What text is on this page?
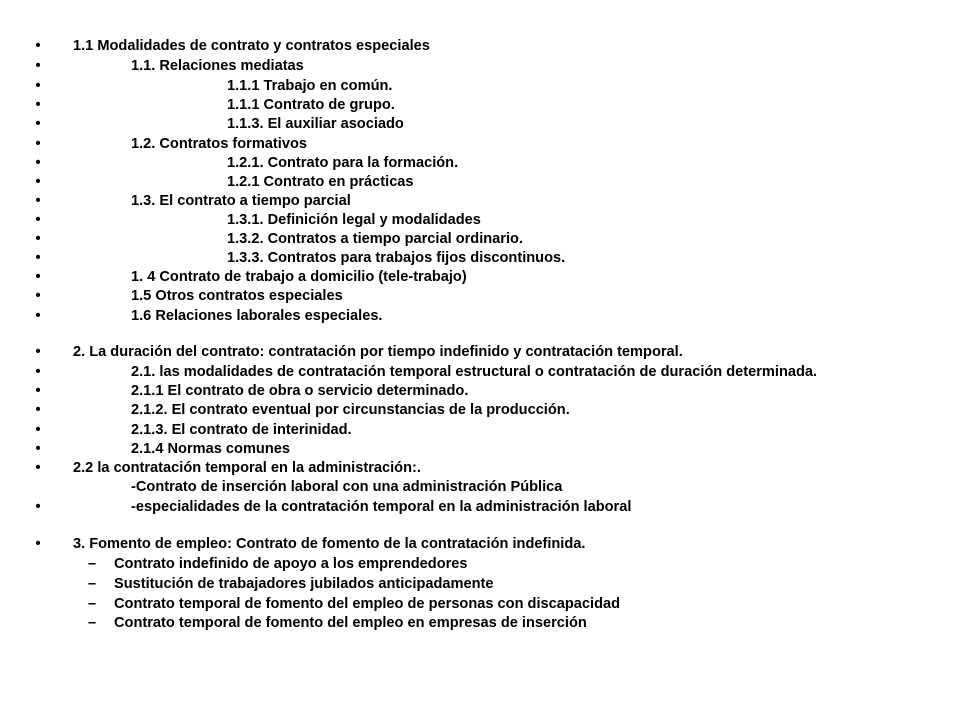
• 1.1 Modalidades de contrato y contratos especiales
•	1.1. Relaciones mediatas
•	1.1.1 Trabajo en común.
•	1.1.1 Contrato de grupo.
•	1.1.3. El auxiliar asociado
•	1.2. Contratos formativos
•	1.2.1. Contrato para la formación.
•	1.2.1 Contrato en prácticas
•	1.3. El contrato a tiempo parcial
•	1.3.1. Definición legal y modalidades
•	1.3.2. Contratos a tiempo parcial ordinario.
•	1.3.3. Contratos para trabajos fijos discontinuos.
•	1. 4 Contrato de trabajo a domicilio (tele-trabajo)
•	1.5 Otros contratos especiales
•	1.6 Relaciones laborales especiales.
• 2. La duración del contrato: contratación por tiempo indefinido y contratación temporal.
•	2.1. las modalidades de contratación temporal estructural o contratación de duración determinada.
•	2.1.1 El contrato de obra o servicio determinado.
•	2.1.2. El contrato eventual por circunstancias de la producción.
•	2.1.3. El contrato de interinidad.
•	2.1.4 Normas comunes
• 2.2 la contratación temporal en la administración:.
-Contrato de inserción laboral con una administración Pública
•	-especialidades de la contratación temporal en la administración laboral
• 3. Fomento de empleo: Contrato de fomento de la contratación indefinida.
– Contrato indefinido de apoyo a los emprendedores
– Sustitución de trabajadores jubilados anticipadamente
– Contrato temporal de fomento del empleo de personas con discapacidad
– Contrato temporal de fomento del empleo en empresas de inserción
